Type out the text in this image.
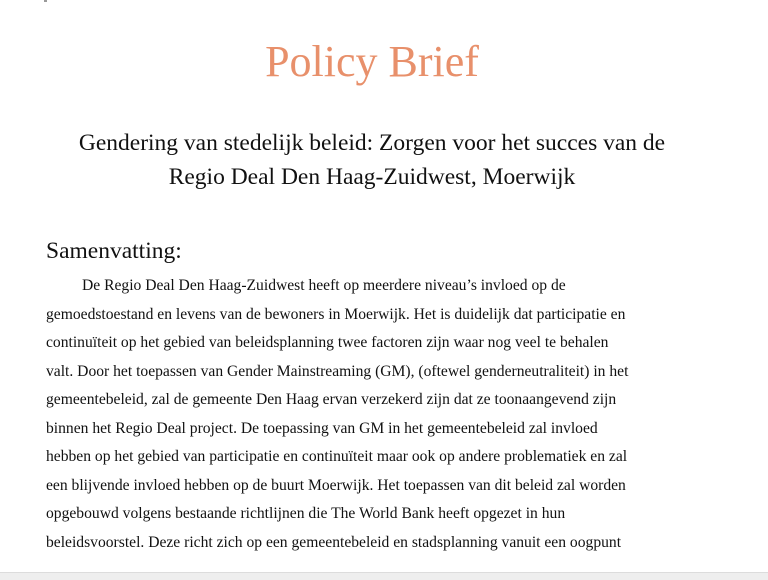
Policy Brief
Gendering van stedelijk beleid: Zorgen voor het succes van de
Regio Deal Den Haag-Zuidwest, Moerwijk
Samenvatting:

De Regio Deal Den Haag-Zuidwest heeft op meerdere niveau’s invloed op de
gemoedstoestand en levens van de bewoners in Moerwijk. Het is duidelijk dat participatie en
continuïteit op het gebied van beleidsplanning twee factoren zijn waar nog veel te behalen
valt. Door het toepassen van Gender Mainstreaming (GM), (oftewel genderneutraliteit) in het
gemeentebeleid, zal de gemeente Den Haag ervan verzekerd zijn dat ze toonaangevend zijn
binnen het Regio Deal project. De toepassing van GM in het gemeentebeleid zal invloed
hebben op het gebied van participatie en continuïteit maar ook op andere problematiek en zal
een blijvende invloed hebben op de buurt Moerwijk. Het toepassen van dit beleid zal worden
opgebouwd volgens bestaande richtlijnen die The World Bank heeft opgezet in hun
beleidsvoorstel. Deze richt zich op een gemeentebeleid en stadsplanning vanuit een oogpunt
